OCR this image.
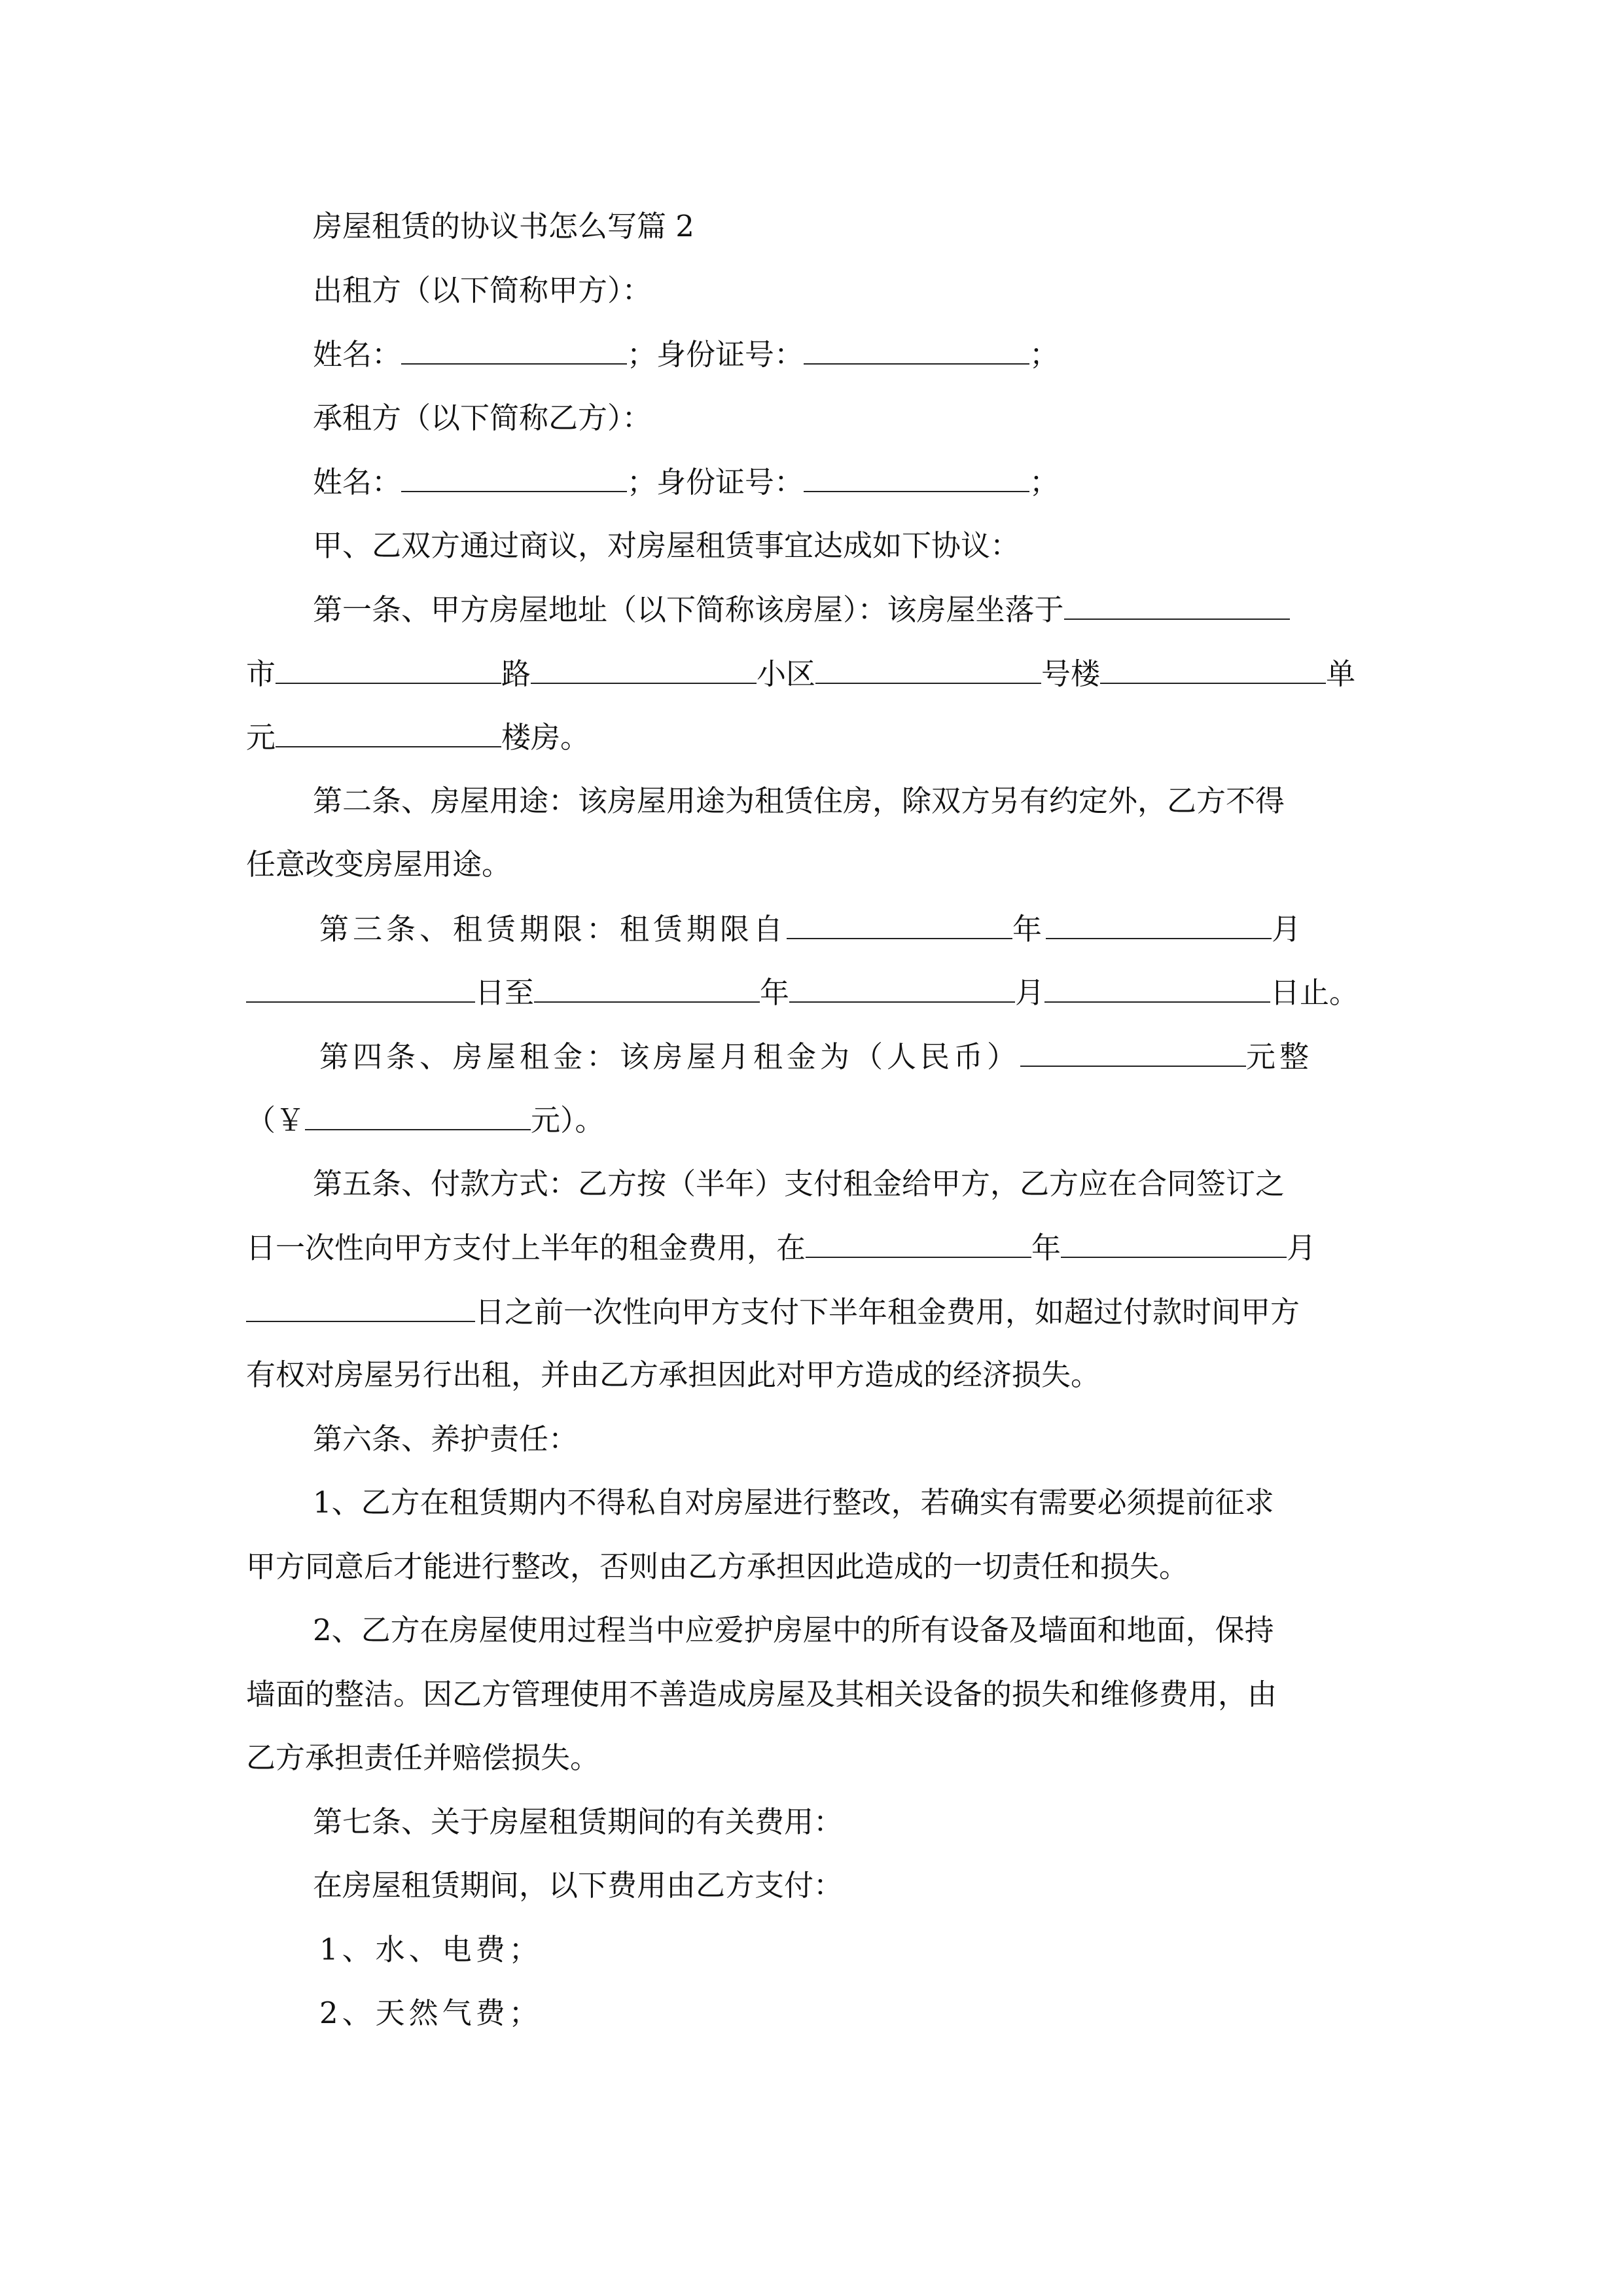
房屋租赁的协议书怎么写篇 2
出租方（以下简称甲方）：
姓名：	；身份证号：	；
承租方（以下简称乙方）：
姓名：	；身份证号：	；
甲、乙双方通过商议，对房屋租赁事宜达成如下协议：
第一条、甲方房屋地址（以下简称该房屋）：该房屋坐落于
市	路	小区	号楼	单
元	楼房。
第二条、房屋用途：该房屋用途为租赁住房，除双方另有约定外，乙方不得
任意改变房屋用途。
第三条、租赁期限：租赁期限自	年	月
日至	年	月	日止。
第四条、房屋租金：该房屋月租金为（人民币）	元整
（￥	元）。
第五条、付款方式：乙方按（半年）支付租金给甲方，乙方应在合同签订之
日一次性向甲方支付上半年的租金费用，在	年	月
日之前一次性向甲方支付下半年租金费用，如超过付款时间甲方
有权对房屋另行出租，并由乙方承担因此对甲方造成的经济损失。
第六条、养护责任：
1、乙方在租赁期内不得私自对房屋进行整改，若确实有需要必须提前征求
甲方同意后才能进行整改，否则由乙方承担因此造成的一切责任和损失。
2、乙方在房屋使用过程当中应爱护房屋中的所有设备及墙面和地面，保持
墙面的整洁。因乙方管理使用不善造成房屋及其相关设备的损失和维修费用，由
乙方承担责任并赔偿损失。
第七条、关于房屋租赁期间的有关费用：
在房屋租赁期间，以下费用由乙方支付：
1、水、电费；
2、天然气费；
